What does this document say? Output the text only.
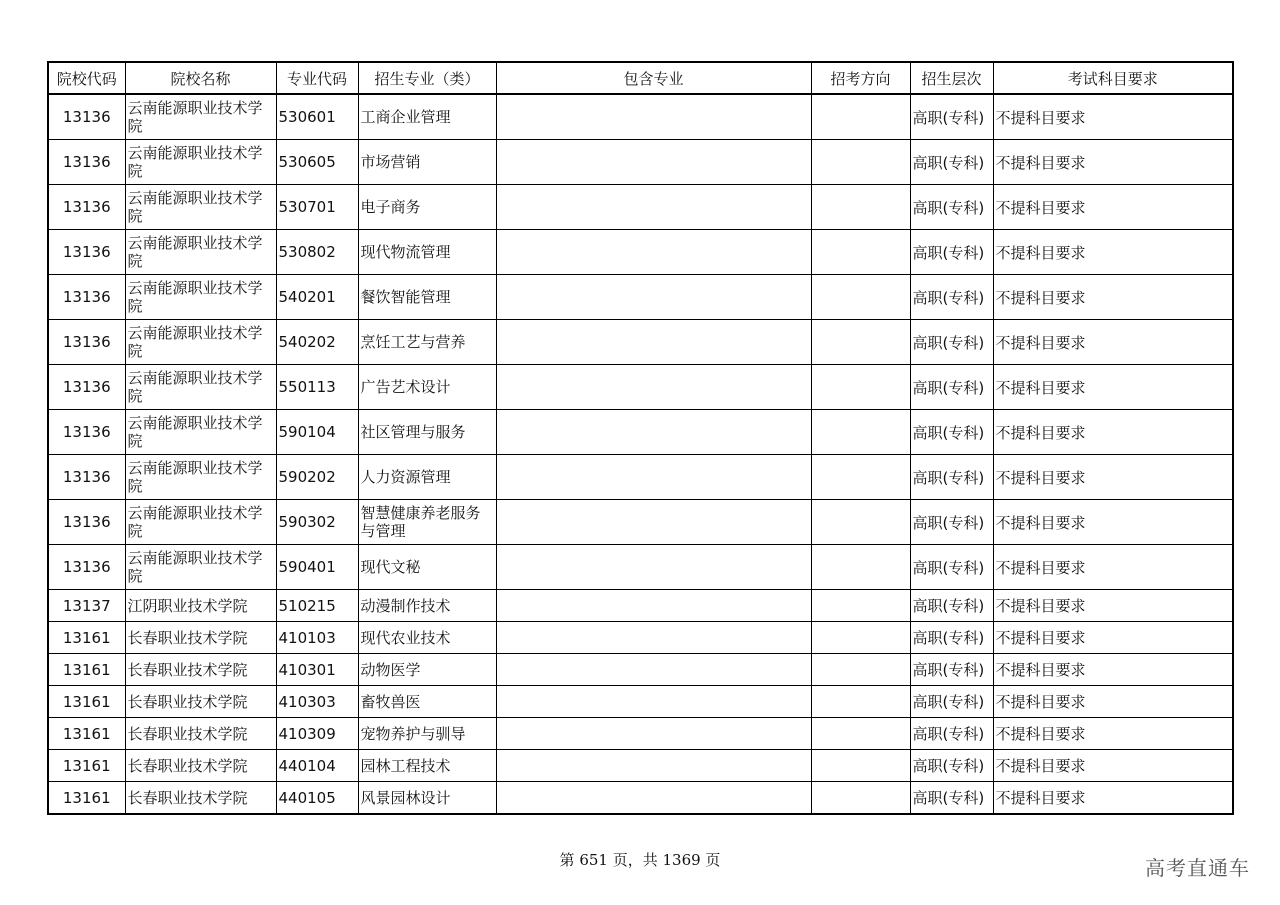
院校代码	院校名称	专业代码	招生专业（类）	包含专业	招考方向	招生层次	考试科目要求
13136	云南能源职业技术学院	530601	工商企业管理			高职(专科)	不提科目要求
13136	云南能源职业技术学院	530605	市场营销			高职(专科)	不提科目要求
13136	云南能源职业技术学院	530701	电子商务			高职(专科)	不提科目要求
13136	云南能源职业技术学院	530802	现代物流管理			高职(专科)	不提科目要求
13136	云南能源职业技术学院	540201	餐饮智能管理			高职(专科)	不提科目要求
13136	云南能源职业技术学院	540202	烹饪工艺与营养			高职(专科)	不提科目要求
13136	云南能源职业技术学院	550113	广告艺术设计			高职(专科)	不提科目要求
13136	云南能源职业技术学院	590104	社区管理与服务			高职(专科)	不提科目要求
13136	云南能源职业技术学院	590202	人力资源管理			高职(专科)	不提科目要求
13136	云南能源职业技术学院	590302	智慧健康养老服务与管理			高职(专科)	不提科目要求
13136	云南能源职业技术学院	590401	现代文秘			高职(专科)	不提科目要求
13137	江阴职业技术学院	510215	动漫制作技术			高职(专科)	不提科目要求
13161	长春职业技术学院	410103	现代农业技术			高职(专科)	不提科目要求
13161	长春职业技术学院	410301	动物医学			高职(专科)	不提科目要求
13161	长春职业技术学院	410303	畜牧兽医			高职(专科)	不提科目要求
13161	长春职业技术学院	410309	宠物养护与驯导			高职(专科)	不提科目要求
13161	长春职业技术学院	440104	园林工程技术			高职(专科)	不提科目要求
13161	长春职业技术学院	440105	风景园林设计			高职(专科)	不提科目要求
第 651 页，共 1369 页	高考直通车
